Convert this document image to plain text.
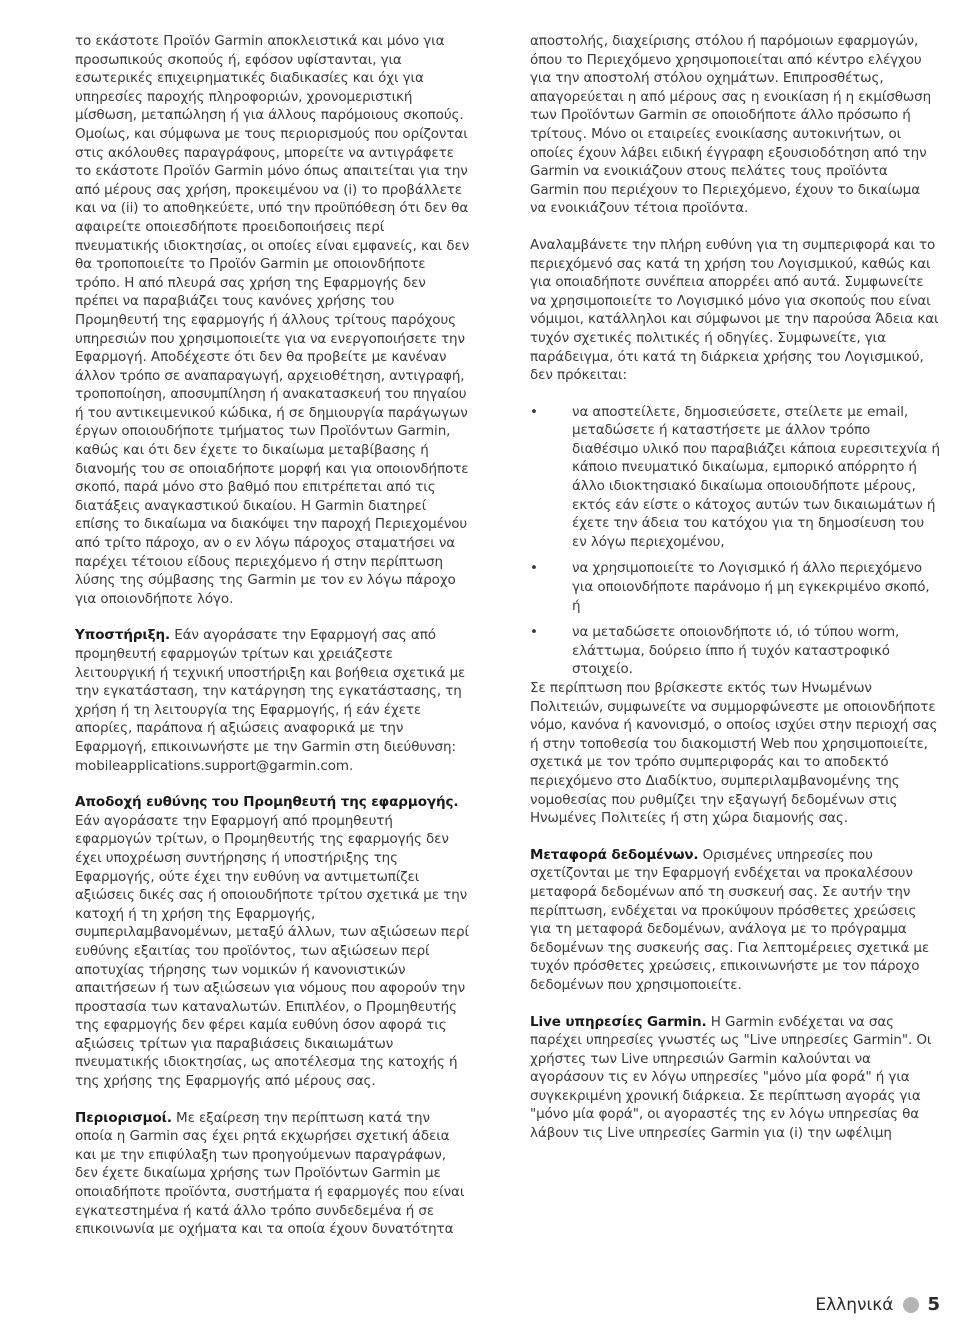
το εκάστοτε Προϊόν Garmin αποκλειστικά και μόνο για προσωπικούς σκοπούς ή, εφόσον υφίστανται, για εσωτερικές επιχειρηματικές διαδικασίες και όχι για υπηρεσίες παροχής πληροφοριών, χρονομεριστική μίσθωση, μεταπώληση ή για άλλους παρόμοιους σκοπούς. Ομοίως, και σύμφωνα με τους περιορισμούς που ορίζονται στις ακόλουθες παραγράφους, μπορείτε να αντιγράφετε το εκάστοτε Προϊόν Garmin μόνο όπως απαιτείται για την από μέρους σας χρήση, προκειμένου να (i) το προβάλλετε και να (ii) το αποθηκεύετε, υπό την προϋπόθεση ότι δεν θα αφαιρείτε οποιεσδήποτε προειδοποιήσεις περί πνευματικής ιδιοκτησίας, οι οποίες είναι εμφανείς, και δεν θα τροποποιείτε το Προϊόν Garmin με οποιονδήποτε τρόπο. Η από πλευρά σας χρήση της Εφαρμογής δεν πρέπει να παραβιάζει τους κανόνες χρήσης του Προμηθευτή της εφαρμογής ή άλλους τρίτους παρόχους υπηρεσιών που χρησιμοποιείτε για να ενεργοποιήσετε την Εφαρμογή. Αποδέχεστε ότι δεν θα προβείτε με κανέναν άλλον τρόπο σε αναπαραγωγή, αρχειοθέτηση, αντιγραφή, τροποποίηση, αποσυμπίληση ή ανακατασκευή του πηγαίου ή του αντικειμενικού κώδικα, ή σε δημιουργία παράγωγων έργων οποιουδήποτε τμήματος των Προϊόντων Garmin, καθώς και ότι δεν έχετε το δικαίωμα μεταβίβασης ή διανομής του σε οποιαδήποτε μορφή και για οποιονδήποτε σκοπό, παρά μόνο στο βαθμό που επιτρέπεται από τις διατάξεις αναγκαστικού δικαίου. Η Garmin διατηρεί επίσης το δικαίωμα να διακόψει την παροχή Περιεχομένου από τρίτο πάροχο, αν ο εν λόγω πάροχος σταματήσει να παρέχει τέτοιου είδους περιεχόμενο ή στην περίπτωση λύσης της σύμβασης της Garmin με τον εν λόγω πάροχο για οποιονδήποτε λόγο.

Υποστήριξη. Εάν αγοράσατε την Εφαρμογή σας από προμηθευτή εφαρμογών τρίτων και χρειάζεστε λειτουργική ή τεχνική υποστήριξη και βοήθεια σχετικά με την εγκατάσταση, την κατάργηση της εγκατάστασης, τη χρήση ή τη λειτουργία της Εφαρμογής, ή εάν έχετε απορίες, παράπονα ή αξιώσεις αναφορικά με την Εφαρμογή, επικοινωνήστε με την Garmin στη διεύθυνση: mobileapplications.support@garmin.com.

Αποδοχή ευθύνης του Προμηθευτή της εφαρμογής.

Εάν αγοράσατε την Εφαρμογή από προμηθευτή εφαρμογών τρίτων, ο Προμηθευτής της εφαρμογής δεν έχει υποχρέωση συντήρησης ή υποστήριξης της Εφαρμογής, ούτε έχει την ευθύνη να αντιμετωπίζει αξιώσεις δικές σας ή οποιουδήποτε τρίτου σχετικά με την κατοχή ή τη χρήση της Εφαρμογής, συμπεριλαμβανομένων, μεταξύ άλλων, των αξιώσεων περί ευθύνης εξαιτίας του προϊόντος, των αξιώσεων περί αποτυχίας τήρησης των νομικών ή κανονιστικών απαιτήσεων ή των αξιώσεων για νόμους που αφορούν την προστασία των καταναλωτών. Επιπλέον, ο Προμηθευτής της εφαρμογής δεν φέρει καμία ευθύνη όσον αφορά τις αξιώσεις τρίτων για παραβιάσεις δικαιωμάτων πνευματικής ιδιοκτησίας, ως αποτέλεσμα της κατοχής ή της χρήσης της Εφαρμογής από μέρους σας.

Περιορισμοί. Με εξαίρεση την περίπτωση κατά την οποία η Garmin σας έχει ρητά εκχωρήσει σχετική άδεια και με την επιφύλαξη των προηγούμενων παραγράφων, δεν έχετε δικαίωμα χρήσης των Προϊόντων Garmin με οποιαδήποτε προϊόντα, συστήματα ή εφαρμογές που είναι εγκατεστημένα ή κατά άλλο τρόπο συνδεδεμένα ή σε επικοινωνία με οχήματα και τα οποία έχουν δυνατότητα

αποστολής, διαχείρισης στόλου ή παρόμοιων εφαρμογών, όπου το Περιεχόμενο χρησιμοποιείται από κέντρο ελέγχου για την αποστολή στόλου οχημάτων. Επιπροσθέτως, απαγορεύεται η από μέρους σας η ενοικίαση ή η εκμίσθωση των Προϊόντων Garmin σε οποιοδήποτε άλλο πρόσωπο ή τρίτους. Μόνο οι εταιρείες ενοικίασης αυτοκινήτων, οι οποίες έχουν λάβει ειδική έγγραφη εξουσιοδότηση από την Garmin να ενοικιάζουν στους πελάτες τους προϊόντα Garmin που περιέχουν το Περιεχόμενο, έχουν το δικαίωμα να ενοικιάζουν τέτοια προϊόντα.

Αναλαμβάνετε την πλήρη ευθύνη για τη συμπεριφορά και το περιεχόμενό σας κατά τη χρήση του Λογισμικού, καθώς και για οποιαδήποτε συνέπεια απορρέει από αυτά. Συμφωνείτε να χρησιμοποιείτε το Λογισμικό μόνο για σκοπούς που είναι νόμιμοι, κατάλληλοι και σύμφωνοι με την παρούσα Άδεια και τυχόν σχετικές πολιτικές ή οδηγίες. Συμφωνείτε, για παράδειγμα, ότι κατά τη διάρκεια χρήσης του Λογισμικού, δεν πρόκειται:

• να αποστείλετε, δημοσιεύσετε, στείλετε με email, μεταδώσετε ή καταστήσετε με άλλον τρόπο διαθέσιμο υλικό που παραβιάζει κάποια ευρεσιτεχνία ή κάποιο πνευματικό δικαίωμα, εμπορικό απόρρητο ή άλλο ιδιοκτησιακό δικαίωμα οποιουδήποτε μέρους, εκτός εάν είστε ο κάτοχος αυτών των δικαιωμάτων ή έχετε την άδεια του κατόχου για τη δημοσίευση του εν λόγω περιεχομένου,
• να χρησιμοποιείτε το Λογισμικό ή άλλο περιεχόμενο για οποιονδήποτε παράνομο ή μη εγκεκριμένο σκοπό, ή
• να μεταδώσετε οποιονδήποτε ιό, ιό τύπου worm, ελάττωμα, δούρειο ίππο ή τυχόν καταστροφικό στοιχείο.

Σε περίπτωση που βρίσκεστε εκτός των Ηνωμένων Πολιτειών, συμφωνείτε να συμμορφώνεστε με οποιονδήποτε νόμο, κανόνα ή κανονισμό, ο οποίος ισχύει στην περιοχή σας ή στην τοποθεσία του διακομιστή Web που χρησιμοποιείτε, σχετικά με τον τρόπο συμπεριφοράς και το αποδεκτό περιεχόμενο στο Διαδίκτυο, συμπεριλαμβανομένης της νομοθεσίας που ρυθμίζει την εξαγωγή δεδομένων στις Ηνωμένες Πολιτείες ή στη χώρα διαμονής σας.

Μεταφορά δεδομένων. Ορισμένες υπηρεσίες που σχετίζονται με την Εφαρμογή ενδέχεται να προκαλέσουν μεταφορά δεδομένων από τη συσκευή σας. Σε αυτήν την περίπτωση, ενδέχεται να προκύψουν πρόσθετες χρεώσεις για τη μεταφορά δεδομένων, ανάλογα με το πρόγραμμα δεδομένων της συσκευής σας. Για λεπτομέρειες σχετικά με τυχόν πρόσθετες χρεώσεις, επικοινωνήστε με τον πάροχο δεδομένων που χρησιμοποιείτε.

Live υπηρεσίες Garmin. Η Garmin ενδέχεται να σας παρέχει υπηρεσίες γνωστές ως "Live υπηρεσίες Garmin". Οι χρήστες των Live υπηρεσιών Garmin καλούνται να αγοράσουν τις εν λόγω υπηρεσίες "μόνο μία φορά" ή για συγκεκριμένη χρονική διάρκεια. Σε περίπτωση αγοράς για "μόνο μία φορά", οι αγοραστές της εν λόγω υπηρεσίας θα λάβουν τις Live υπηρεσίες Garmin για (i) την ωφέλιμη

Ελληνικά 5
